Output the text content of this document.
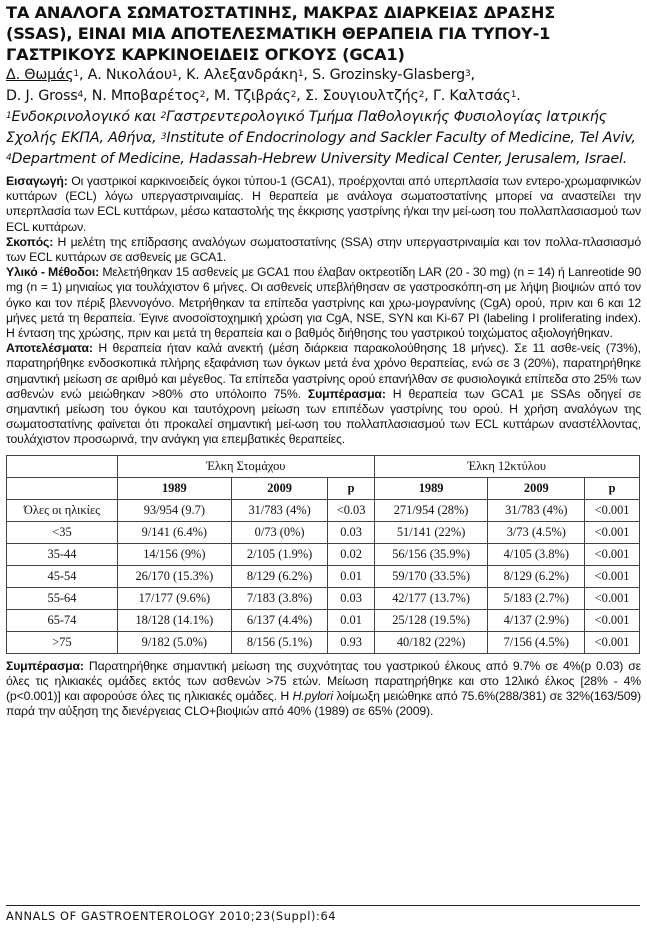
ΤΑ ΑΝΑΛΟΓΑ ΣΩΜΑΤΟΣΤΑΤΙΝΗΣ, ΜΑΚΡΑΣ ΔΙΑΡΚΕΙΑΣ ΔΡΑΣΗΣ

(SSAS), ΕΙΝΑΙ ΜΙΑ ΑΠΟΤΕΛΕΣΜΑΤΙΚΗ ΘΕΡΑΠΕΙΑ ΓΙΑ ΤΥΠΟΥ-1

ΓΑΣΤΡΙΚΟΥΣ ΚΑΡΚΙΝΟΕΙΔΕΙΣ ΟΓΚΟΥΣ (GCA1)

Δ. Θωμάς$^1$, Α. Νικολάου$^1$, Κ. Αλεξανδράκη$^1$, S. Grozinsky-Glasberg$^3$,

D. J. Gross$^4$, Ν. Μποβαρέτος$^2$, Μ. Τζιβράς$^2$, Σ. Σουγιουλτζής$^2$, Γ. Καλτσάς$^1$.

$^1$Ενδοκρινολογικό και $^2$Γαστρεντερολογικό Τμήμα Παθολογικής Φυσιολογίας Ιατρικής Σχολής ΕΚΠΑ, Αθήνα, $^3$Institute of Endocrinology and Sackler Faculty of Medicine, Tel Aviv, $^4$Department of Medicine, Hadassah-Hebrew University Medical Center, Jerusalem, Israel.

Εισαγωγή: Οι γαστρικοί καρκινοειδείς όγκοι τύπου-1 (GCA1), προέρχονται από υπερπλασία των εντερο-χρωμαφινικών κυττάρων (ECL) λόγω υπεργαστριναιμίας. Η θεραπεία με ανάλογα σωματοστατίνης μπορεί να αναστείλει την υπερπλασία των ECL κυττάρων, μέσω καταστολής της έκκρισης γαστρίνης ή/και την μεί-ωση του πολλαπλασιασμού των ECL κυττάρων.

Σκοπός: Η μελέτη της επίδρασης αναλόγων σωματοστατίνης (SSA) στην υπεργαστριναιμία και τον πολλα-πλασιασμό των ECL κυττάρων σε ασθενείς με GCA1.

Υλικό - Μέθοδοι: Μελετήθηκαν 15 ασθενείς με GCA1 που έλαβαν οκτρεοτίδη LAR (20 - 30 mg) (n = 14) ή Lanreotide 90 mg (n = 1) μηνιαίως για τουλάχιστον 6 μήνες. Οι ασθενείς υπεβλήθησαν σε γαστροσκόπη-ση με λήψη βιοψιών από τον όγκο και τον πέριξ βλεννογόνο. Μετρήθηκαν τα επίπεδα γαστρίνης και χρω-μογρανίνης (CgA) ορού, πριν και 6 και 12 μήνες μετά τη θεραπεία. Έγινε ανοσοϊστοχημική χρώση για CgA, NSE, SYN και Ki-67 PI (labeling I proliferating index). Η ένταση της χρώσης, πριν και μετά τη θεραπεία και ο βαθμός διήθησης του γαστρικού τοιχώματος αξιολογήθηκαν.

Αποτελέσματα: Η θεραπεία ήταν καλά ανεκτή (μέση διάρκεια παρακολούθησης 18 μήνες). Σε 11 ασθε-νείς (73%), παρατηρήθηκε ενδοσκοπικά πλήρης εξαφάνιση των όγκων μετά ένα χρόνο θεραπείας, ενώ σε 3 (20%), παρατηρήθηκε σημαντική μείωση σε αριθμό και μέγεθος. Τα επίπεδα γαστρίνης ορού επανήλθαν σε φυσιολογικά επίπεδα στο 25% των ασθενών ενώ μειώθηκαν >80% στο υπόλοιπο 75%. Συμπέρασμα: Η θεραπεία των GCA1 με SSAs οδηγεί σε σημαντική μείωση του όγκου και ταυτόχρονη μείωση των επιπέδων γαστρίνης του ορού. Η χρήση αναλόγων της σωματοστατίνης φαίνεται ότι προκαλεί σημαντική μεί-ωση του πολλαπλασιασμού των ECL κυττάρων αναστέλλοντας, τουλάχιστον προσωρινά, την ανάγκη για επεμβατικές θεραπείες.

	Έλκη Στομάχου			Έλκη 12κτύλου		
	1989	2009	p	1989	2009	p
Όλες οι ηλικίες	93/954 (9.7)	31/783 (4%)	<0.03	271/954 (28%)	31/783 (4%)	<0.001
<35	9/141 (6.4%)	0/73 (0%)	0.03	51/141 (22%)	3/73 (4.5%)	<0.001
35-44	14/156 (9%)	2/105 (1.9%)	0.02	56/156 (35.9%)	4/105 (3.8%)	<0.001
45-54	26/170 (15.3%)	8/129 (6.2%)	0.01	59/170 (33.5%)	8/129 (6.2%)	<0.001
55-64	17/177 (9.6%)	7/183 (3.8%)	0.03	42/177 (13.7%)	5/183 (2.7%)	<0.001
65-74	18/128 (14.1%)	6/137 (4.4%)	0.01	25/128 (19.5%)	4/137 (2.9%)	<0.001
>75	9/182 (5.0%)	8/156 (5.1%)	0.93	40/182 (22%)	7/156 (4.5%)	<0.001

Συμπέρασμα: Παρατηρήθηκε σημαντική μείωση της συχνότητας του γαστρικού έλκους από 9.7% σε 4%(p 0.03) σε όλες τις ηλικιακές ομάδες εκτός των ασθενών >75 ετών. Μείωση παρατηρήθηκε και στο 12λικό έλκος [28% - 4%(p<0.001)] και αφορούσε όλες τις ηλικιακές ομάδες. Η H.pylori λοίμωξη μειώθηκε από 75.6%(288/381) σε 32%(163/509) παρά την αύξηση της διενέργειας CLO+βιοψιών από 40% (1989) σε 65% (2009).

ANNALS OF GASTROENTEROLOGY 2010;23(Suppl):64
